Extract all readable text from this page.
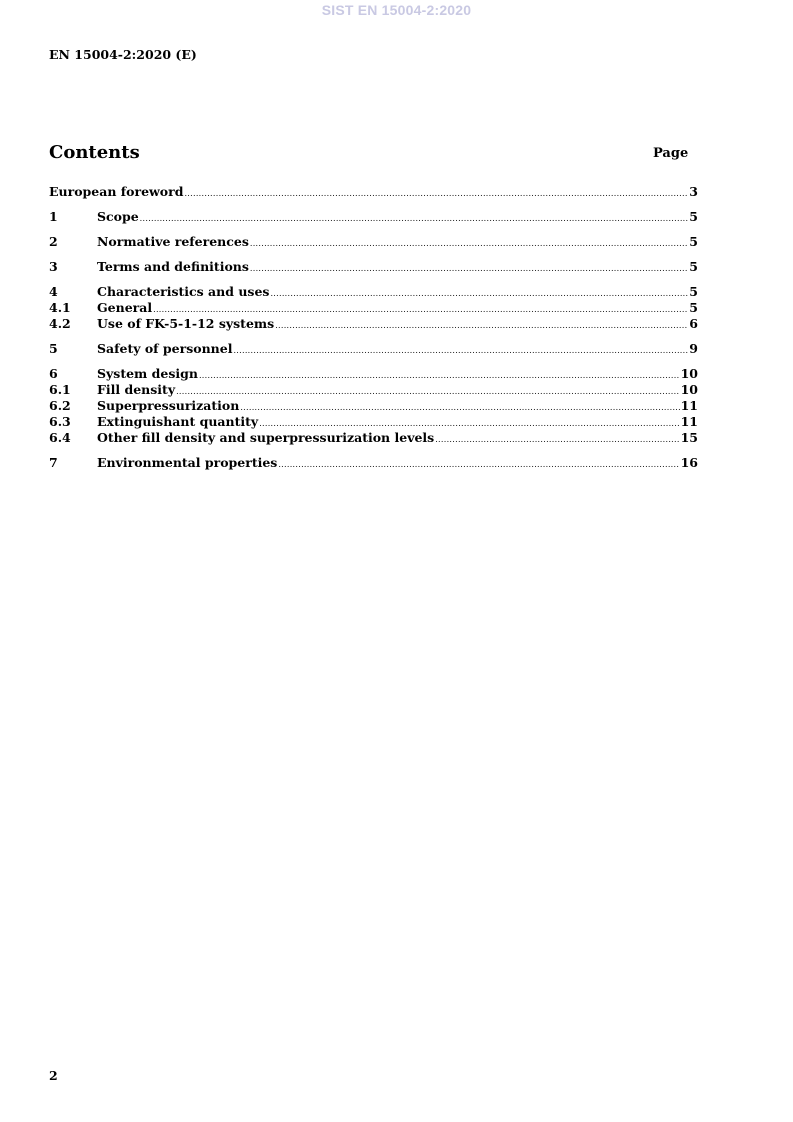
SIST EN 15004-2:2020
EN 15004-2:2020 (E)
Contents	Page
European foreword .....	3
1	Scope .....	5
2	Normative references .....	5
3	Terms and definitions .....	5
4	Characteristics and uses .....	5
4.1	General .....	5
4.2	Use of FK-5-1-12 systems .....	6
5	Safety of personnel .....	9
6	System design .....	10
6.1	Fill density .....	10
6.2	Superpressurization .....	11
6.3	Extinguishant quantity .....	11
6.4	Other fill density and superpressurization levels .....	15
7	Environmental properties .....	16
2
